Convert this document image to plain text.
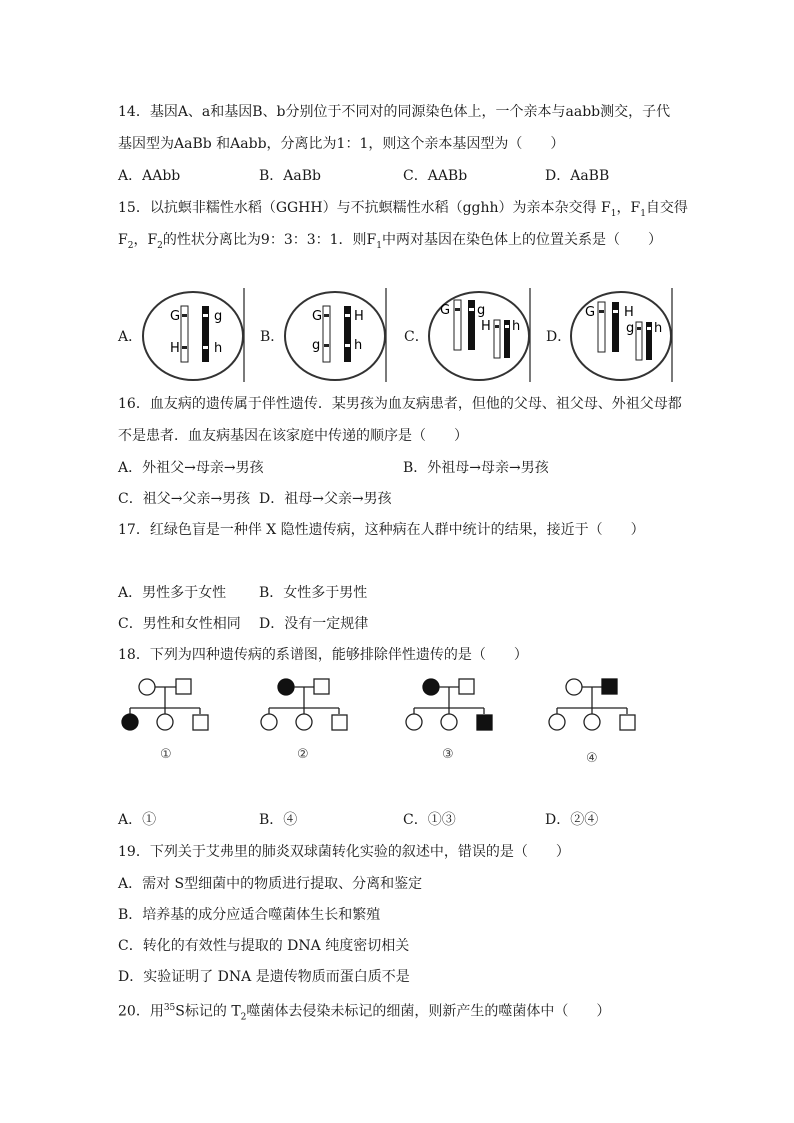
14．基因A、a和基因B、b分别位于不同对的同源染色体上，一个亲本与aabb测交，子代
基因型为AaBb 和Aabb，分离比为1：1，则这个亲本基因型为（　　）
A．AAbb	B．AaBb	C．AABb	D．AaBB
15．以抗螟非糯性水稻（GGHH）与不抗螟糯性水稻（gghh）为亲本杂交得 $F_1$，$F_1$自交得
$F_2$，$F_2$的性状分离比为9：3：3：1．则$F_1$中两对基因在染色体上的位置关系是（　　）
A．	B．	C．	D．
G	g
H	h
G H
g	h
G g
H h
G H
g h
16．血友病的遗传属于伴性遗传．某男孩为血友病患者，但他的父母、祖父母、外祖父母都
不是患者．血友病基因在该家庭中传递的顺序是（　　）
A．外祖父→母亲→男孩	B．外祖母→母亲→男孩
C．祖父→父亲→男孩 D．祖母→父亲→男孩
17．红绿色盲是一种伴 X 隐性遗传病，这种病在人群中统计的结果，接近于（　　）
A．男性多于女性 B．女性多于男性
C．男性和女性相同 D．没有一定规律
18．下列为四种遗传病的系谱图，能够排除伴性遗传的是（　　）
①	②	③	④
A．①	B．④	C．①③	D．②④
19．下列关于艾弗里的肺炎双球菌转化实验的叙述中，错误的是（　　）
A．需对 S型细菌中的物质进行提取、分离和鉴定
B．培养基的成分应适合噬菌体生长和繁殖
C．转化的有效性与提取的 DNA 纯度密切相关
D．实验证明了 DNA 是遗传物质而蛋白质不是
20．用$^{35}$S标记的 $T_2$噬菌体去侵染未标记的细菌，则新产生的噬菌体中（　　）
